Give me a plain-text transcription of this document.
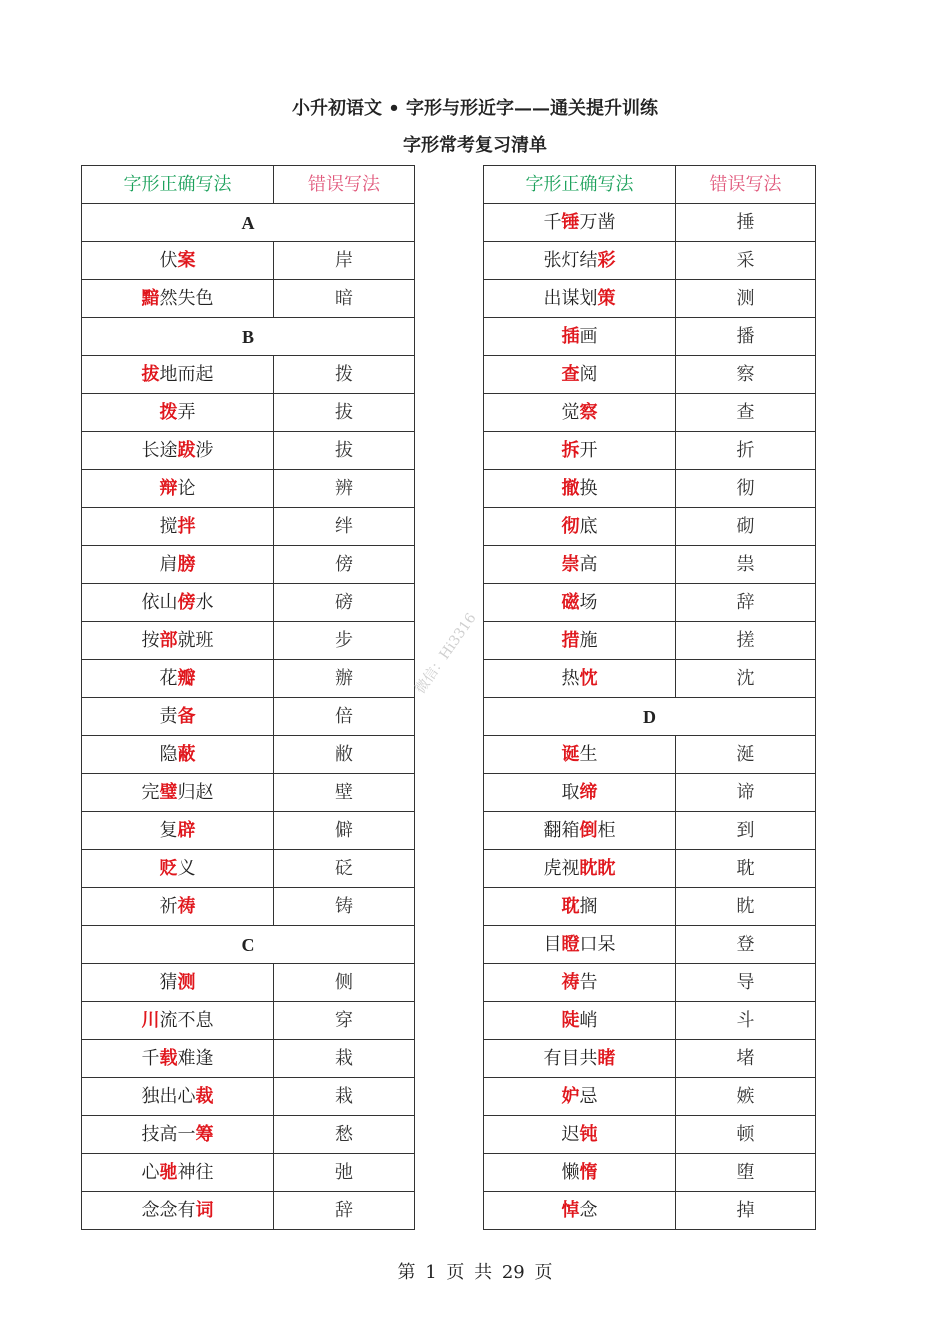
小升初语文 • 字形与形近字——通关提升训练
字形常考复习清单
字形正确写法	错误写法
A	
伏案	岸
黯然失色	暗
B	
拔地而起	拨
拨弄	拔
长途跋涉	拔
辩论	辨
搅拌	绊
肩膀	傍
依山傍水	磅
按部就班	步
花瓣	辦
责备	倍
隐蔽	敝
完璧归赵	壁
复辟	僻
贬义	砭
祈祷	铸
C	
猜测	侧
川流不息	穿
千载难逢	栽
独出心裁	栽
技高一筹	愁
心驰神往	弛
念念有词	辞
字形正确写法	错误写法
千锤万凿	捶
张灯结彩	采
出谋划策	测
插画	播
查阅	察
觉察	查
拆开	折
撤换	彻
彻底	砌
崇高	祟
磁场	辞
措施	搓
热忱	沈
D	
诞生	涎
取缔	谛
翻箱倒柜	到
虎视眈眈	耽
耽搁	眈
目瞪口呆	登
祷告	导
陡峭	斗
有目共睹	堵
妒忌	嫉
迟钝	顿
懒惰	堕
悼念	掉
微信：Hi3316
第 1 页 共 29 页
